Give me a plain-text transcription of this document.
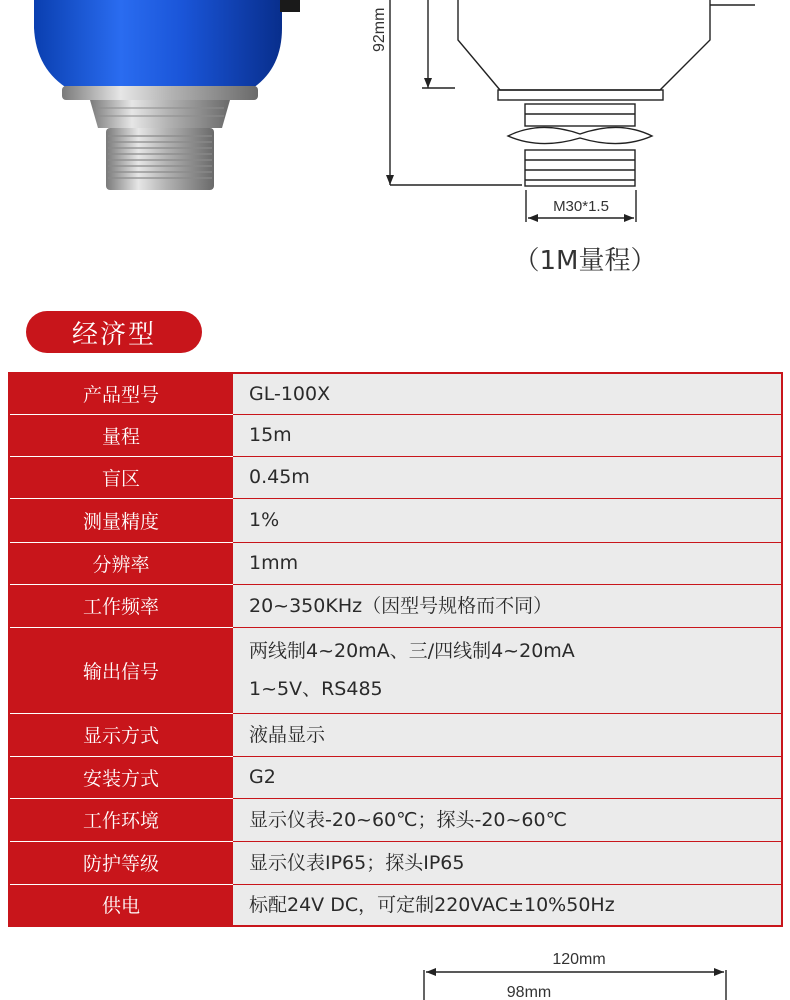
92mm
M30*1.5
（1M量程）
经济型
产品型号	GL-100X

量程	15m

盲区	0.45m

测量精度	1%

分辨率	1mm

工作频率	20~350KHz（因型号规格而不同）

输出信号	两线制4~20mA、三/四线制4~20mA
1~5V、RS485

显示方式	液晶显示

安装方式	G2

工作环境	显示仪表-20~60℃；探头-20~60℃

防护等级	显示仪表IP65；探头IP65

供电	标配24V DC，可定制220VAC±10%50Hz
120mm
98mm
